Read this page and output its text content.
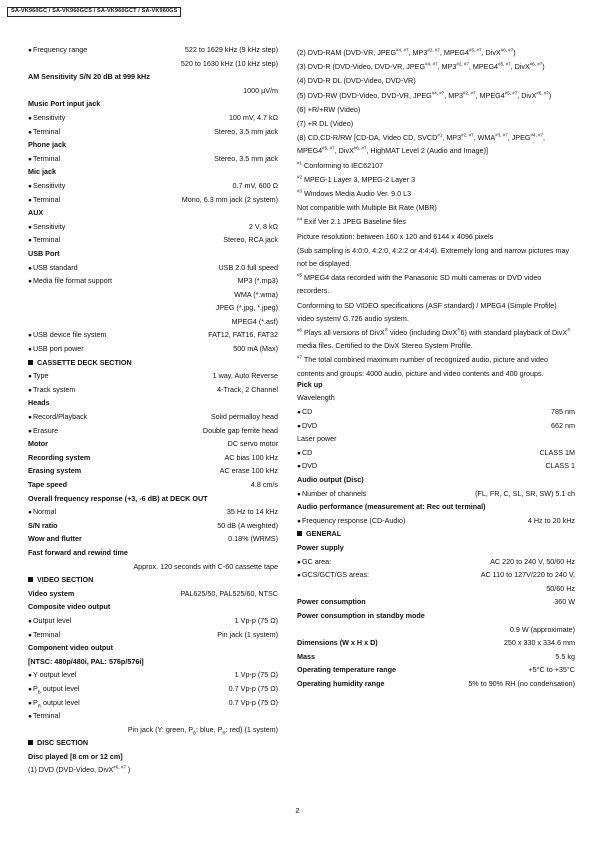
SA-VK960GC / SA-VK960GCS / SA-VK960GCT / SA-VK960GS
● Frequency range	522 to 1629 kHz (9 kHz step)
520 to 1630 kHz (10 kHz step)
AM Sensitivity S/N 20 dB at 999 kHz
1000 μV/m
Music Port input jack
● Sensitivity	100 mV, 4.7 kΩ
● Terminal	Stereo, 3.5 mm jack
Phone jack
● Terminal	Stereo, 3.5 mm jack
Mic jack
● Sensitivity	0.7 mV, 600 Ω
● Terminal	Mono, 6.3 mm jack (2 system)
AUX
● Sensitivity	2 V, 8 kΩ
● Terminal	Stereo, RCA jack
USB Port
● USB standard	USB 2.0 full speed
● Media file format support	MP3 (*.mp3)
WMA (*.wma)
JPEG (*.jpg, *.jpeg)
MPEG4 (*.asf)
● USB device file system	FAT12, FAT16, FAT32
● USB port power	500 mA (Max)
CASSETTE DECK SECTION
● Type	1 way, Auto Reverse
● Track system	4-Track, 2 Channel
Heads
● Record/Playback	Solid permalloy head
● Erasure	Double gap ferrite head
Motor	DC servo motor
Recording system	AC bias 100 kHz
Erasing system	AC erase 100 kHz
Tape speed	4.8 cm/s
Overall frequency response (+3, -6 dB) at DECK OUT
● Normal	35 Hz to 14 kHz
S/N ratio	50 dB (A weighted)
Wow and flutter	0.18% (WRMS)
Fast forward and rewind time
Approx. 120 seconds with C-60 cassette tape
VIDEO SECTION
Video system	PAL625/50, PAL525/60, NTSC
Composite video output
● Output level	1 Vp-p (75 Ω)
● Terminal	Pin jack (1 system)
Component video output
[NTSC: 480p/480i, PAL: 576p/576i]
● Y output level	1 Vp-p (75 Ω)
● $P_B$ output level	0.7 Vp-p (75 Ω)
● $P_R$ output level	0.7 Vp-p (75 Ω)
● Terminal
Pin jack (Y: green, $P_B$: blue, $P_R$: red) (1 system)
DISC SECTION
Disc played [8 cm or 12 cm]
(1) DVD (DVD-Video, DivX$^{\#6, \#7}$ )
(2) DVD-RAM (DVD-VR, $JPEG^{\#4, \#7}$, $MP3^{\#2, \#7}$, $MPEG4^{\#5, \#7}$, DivX$^{\#6, \#7}$)
(3) DVD-R (DVD-Video, DVD-VR, $JPEG^{\#4, \#7}$, $MP3^{\#2, \#7}$, $MPEG4^{\#5, \#7}$, DivX$^{\#6, \#7}$)
(4) DVD-R DL (DVD-Video, DVD-VR)
(5) DVD-RW (DVD-Video, DVD-VR, $JPEG^{\#4, \#7}$, $MP3^{\#2, \#7}$, $MPEG4^{\#5, \#7}$, DivX$^{\#6, \#7}$)
(6) +R/+RW (Video)
(7) +R DL (Video)
(8) CD,CD-R/RW [CD-DA, Video CD, SVCD$^{\#1}$, $MP3^{\#2, \#7}$, $WMA^{\#3, \#7}$, $JPEG^{\#4, \#7}$, $MPEG4^{\#5, \#7}$, DivX$^{\#6, \#7}$, HighMAT Level 2 (Audio and Image)]
$^{\#1}$ Conforming to IEC62107
$^{\#2}$ MPEG-1 Layer 3, MPEG-2 Layer 3
$^{\#3}$ Windows Media Audio Ver. 9.0 L3
Not compatible with Multiple Bit Rate (MBR)
$^{\#4}$ Exif Ver 2.1 JPEG Baseline files
Picture resolution: between 160 x 120 and 6144 x 4096 pixels
(Sub sampling is 4:0:0, 4:2:0, 4:2:2 or 4:4:4). Extremely long and narrow pictures may not be displayed.
$^{\#5}$ MPEG4 data recorded with the Panasonic SD multi cameras or DVD video recorders.
Conforming to SD VIDEO specifications (ASF standard) / MPEG4 (Simple Profile) video system/ G.726 audio system.
$^{\#6}$ Plays all versions of DivX® video (including DivX®6) with standard playback of DivX® media files. Certified to the DivX Stereo System Profile.
$^{\#7}$ The total combined maximum number of recognized audio, picture and video contents and groups: 4000 audio, picture and video contents and 400 groups.
Pick up
Wavelength
● CD	785 nm
● DVD	662 nm
Laser power
● CD	CLASS 1M
● DVD	CLASS 1
Audio output (Disc)
● Number of channels	(FL, FR, C, SL, SR, SW) 5.1 ch
Audio performance (measurement at: Rec out terminal)
● Frequency response (CD-Audio)	4 Hz to 20 kHz
GENERAL
Power supply
● GC area:	AC 220 to 240 V, 50/60 Hz
● GCS/GCT/GS areas:	AC 110 to 127V/220 to 240 V,
50/60 Hz
Power consumption	360 W
Power consumption in standby mode
0.9 W (approximate)
Dimensions (W x H x D)	250 x 330 x 334.6 mm
Mass	5.5 kg
Operating temperature range	+5°C to +35°C
Operating humidity range	5% to 90% RH (no condensation)
2
